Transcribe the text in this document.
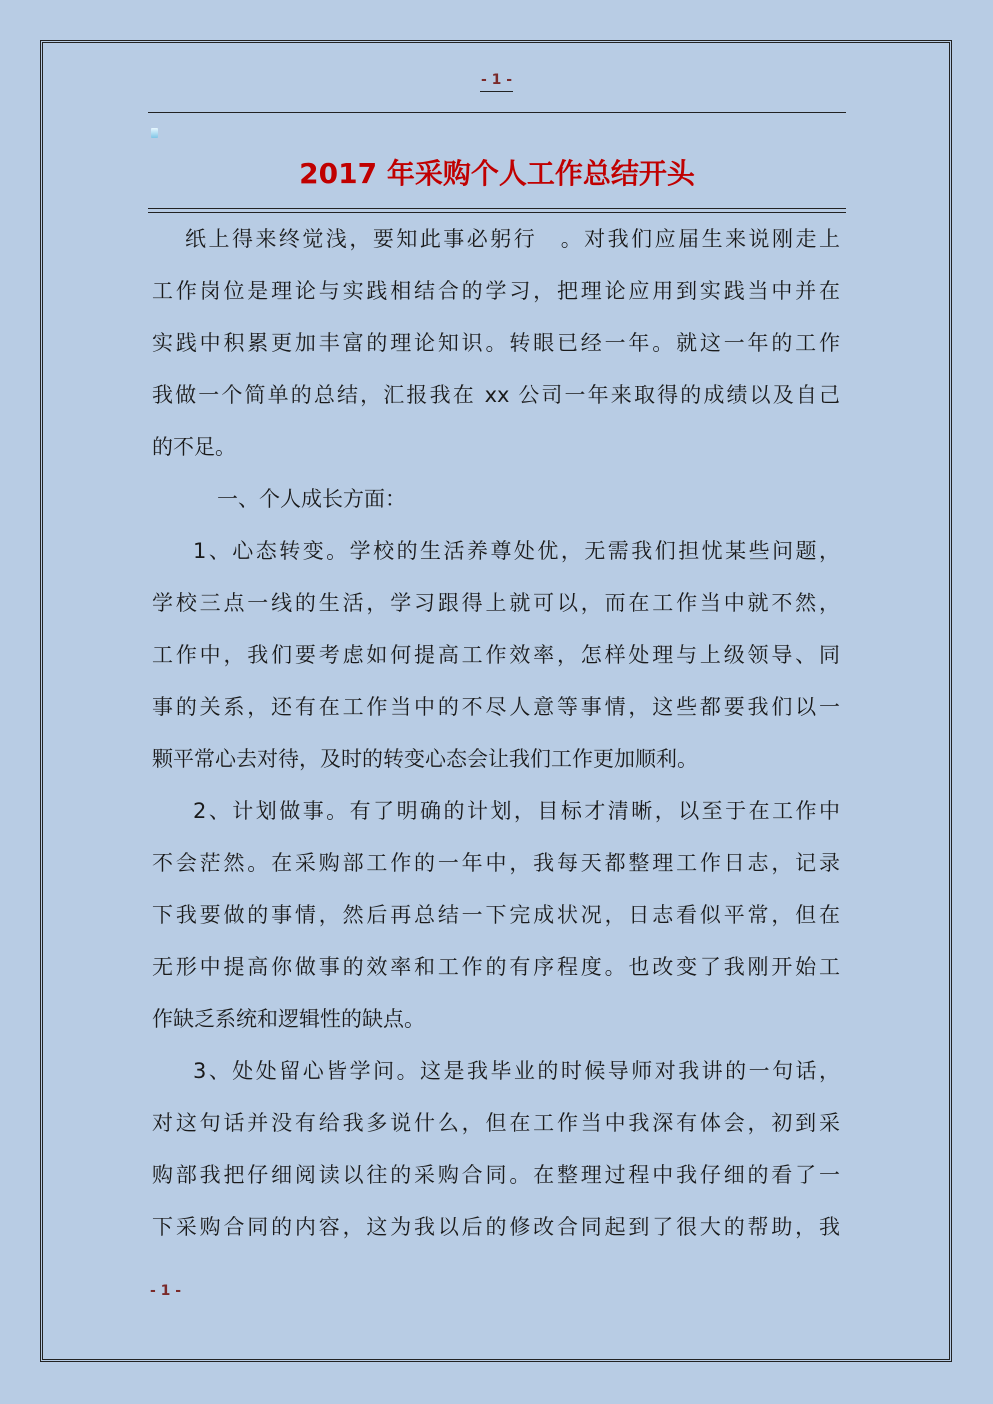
- 1 -
2017 年采购个人工作总结开头
纸上得来终觉浅，要知此事必躬行　。对我们应届生来说刚走上
工作岗位是理论与实践相结合的学习，把理论应用到实践当中并在
实践中积累更加丰富的理论知识。转眼已经一年。就这一年的工作
我做一个简单的总结，汇报我在 xx 公司一年来取得的成绩以及自己
的不足。
一、个人成长方面：
1、心态转变。学校的生活养尊处优，无需我们担忧某些问题，
学校三点一线的生活，学习跟得上就可以，而在工作当中就不然，
工作中，我们要考虑如何提高工作效率，怎样处理与上级领导、同
事的关系，还有在工作当中的不尽人意等事情，这些都要我们以一
颗平常心去对待，及时的转变心态会让我们工作更加顺利。
2、计划做事。有了明确的计划，目标才清晰，以至于在工作中
不会茫然。在采购部工作的一年中，我每天都整理工作日志，记录
下我要做的事情，然后再总结一下完成状况，日志看似平常，但在
无形中提高你做事的效率和工作的有序程度。也改变了我刚开始工
作缺乏系统和逻辑性的缺点。
3、处处留心皆学问。这是我毕业的时候导师对我讲的一句话，
对这句话并没有给我多说什么，但在工作当中我深有体会，初到采
购部我把仔细阅读以往的采购合同。在整理过程中我仔细的看了一
下采购合同的内容，这为我以后的修改合同起到了很大的帮助，我
- 1 -
